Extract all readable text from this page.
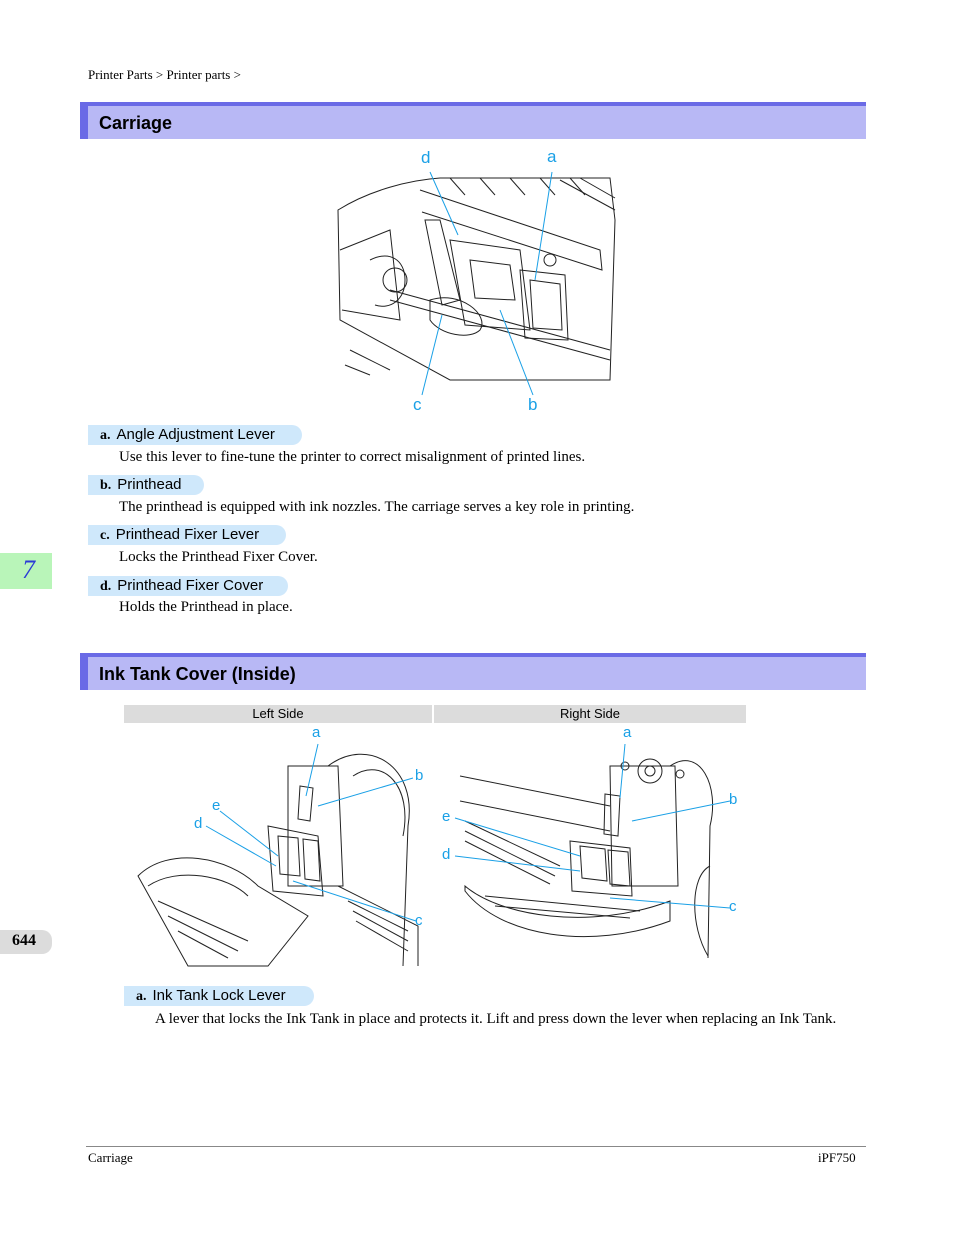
Printer Parts > Printer parts >
Carriage
d	a
c	b
a. Angle Adjustment Lever
Use this lever to fine-tune the printer to correct misalignment of printed lines.
b. Printhead
The printhead is equipped with ink nozzles. The carriage serves a key role in printing.
c. Printhead Fixer Lever
Locks the Printhead Fixer Cover.
d. Printhead Fixer Cover
Holds the Printhead in place.
7
Ink Tank Cover (Inside)
Left Side	Right Side
a
b
e
d
c
a
b
e
d
c
644
a. Ink Tank Lock Lever
A lever that locks the Ink Tank in place and protects it. Lift and press down the lever when replacing an Ink Tank.
Carriage	iPF750
